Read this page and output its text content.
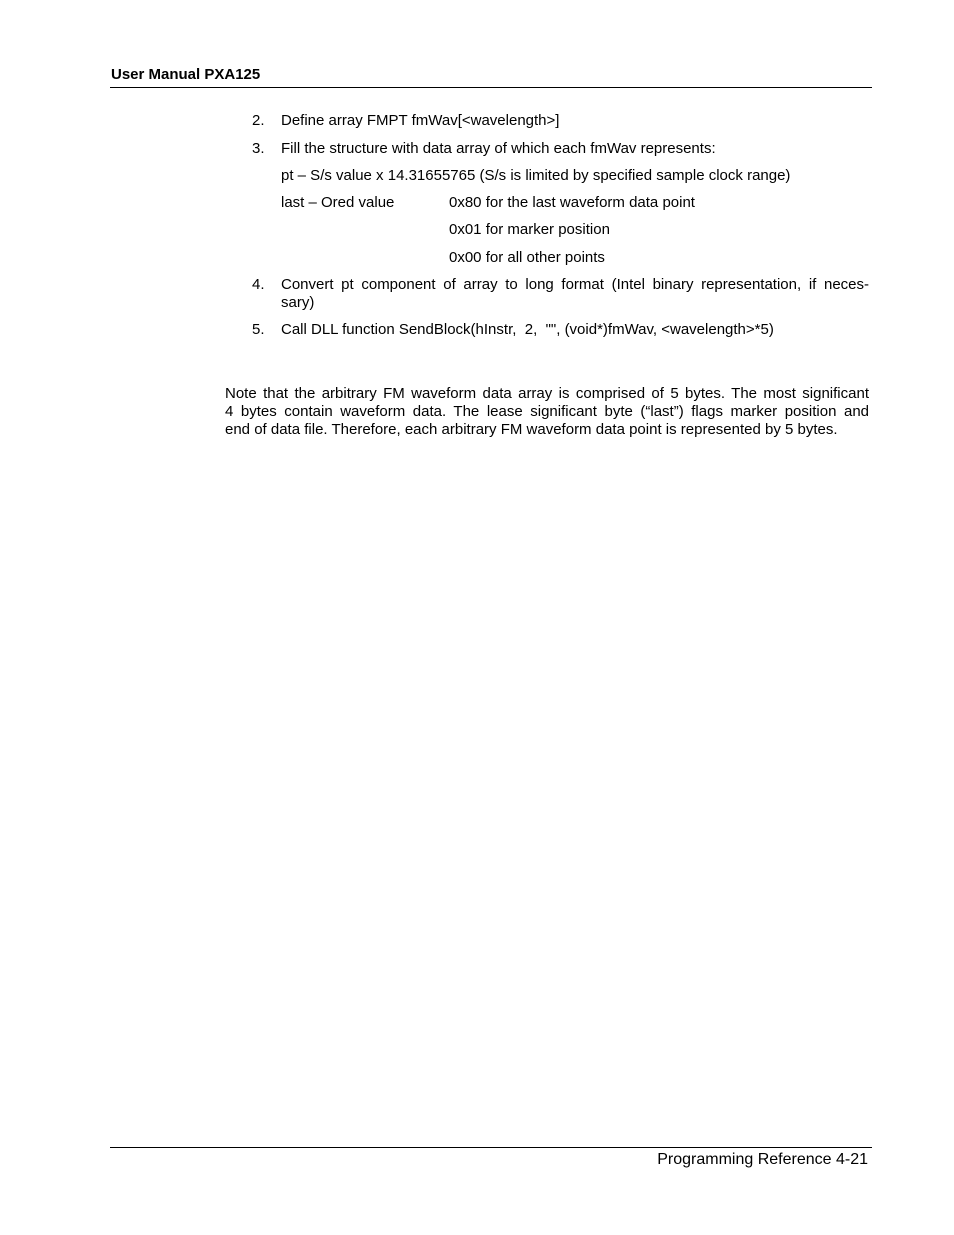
User Manual PXA125
2. Define array FMPT fmWav[<wavelength>]
3. Fill the structure with data array of which each fmWav represents:
pt – S/s value x 14.31655765 (S/s is limited by specified sample clock range)
last – Ored value	0x80 for the last waveform data point
0x01 for marker position
0x00 for all other points
4. Convert pt component of array to long format (Intel binary representation, if neces-
sary)
5. Call DLL function SendBlock(hInstr,  2,  "", (void*)fmWav, <wavelength>*5)
Note that the arbitrary FM waveform data array is comprised of 5 bytes. The most significant
4 bytes contain waveform data. The lease significant byte (“last”) flags marker position and
end of data file. Therefore, each arbitrary FM waveform data point is represented by 5 bytes.
Programming Reference 4-21
